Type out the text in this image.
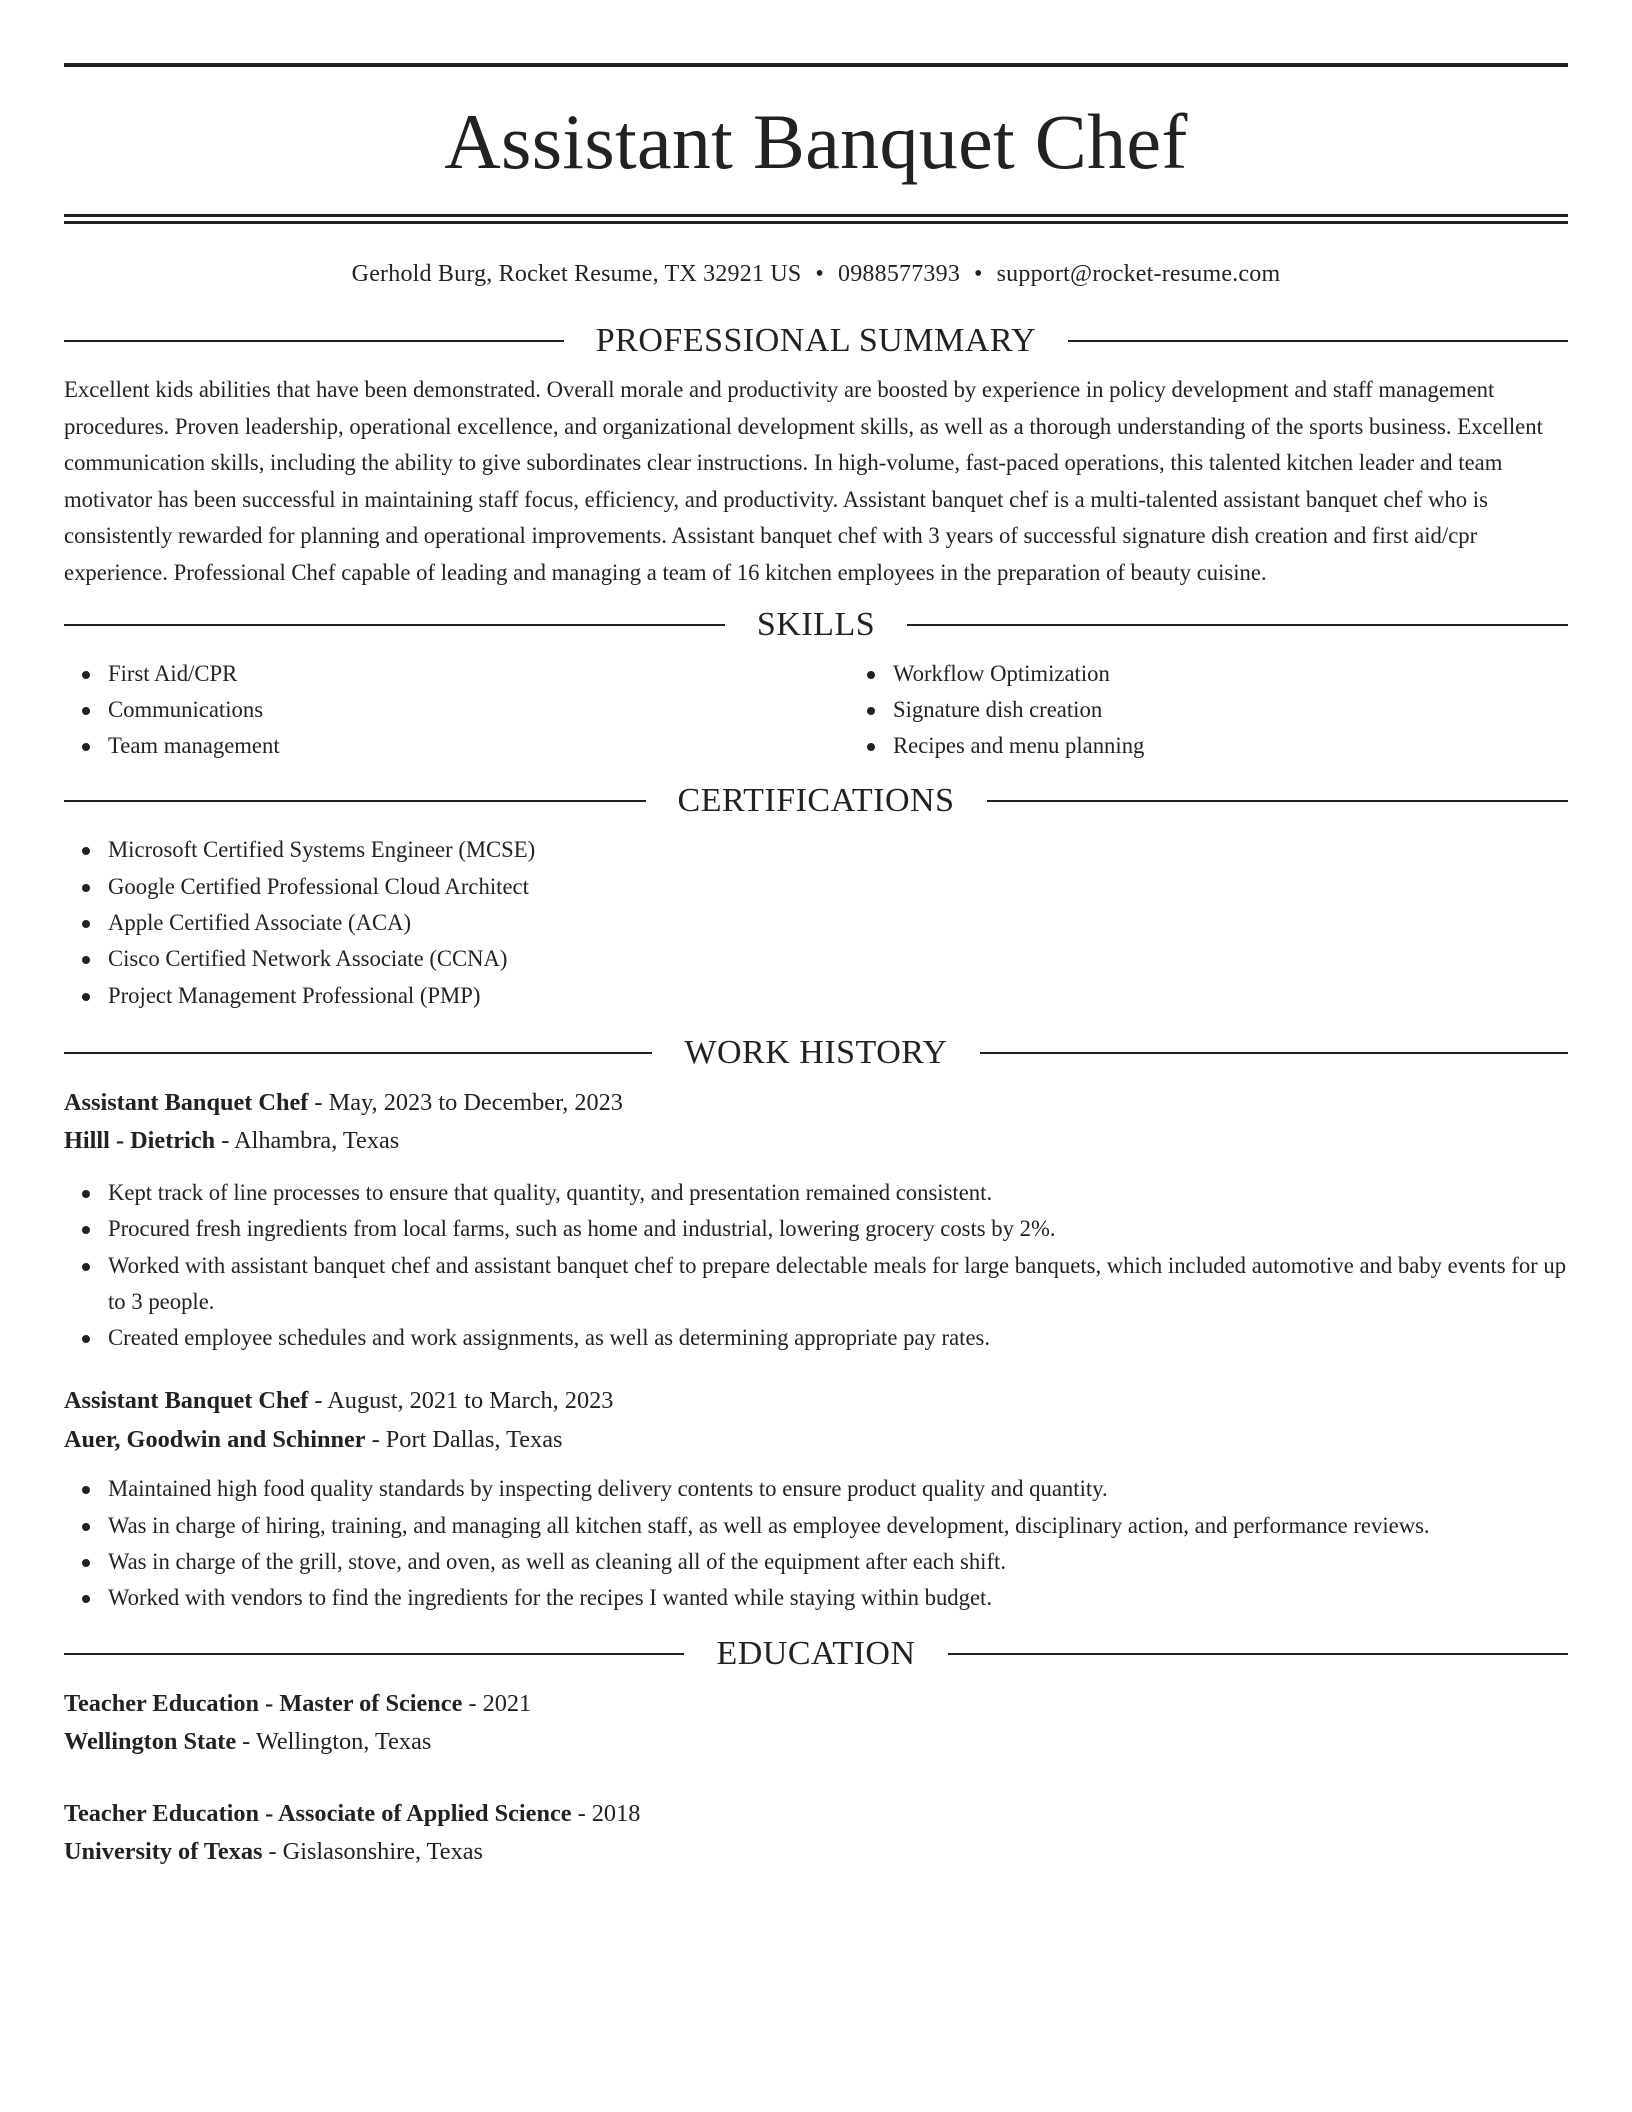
Assistant Banquet Chef
Gerhold Burg, Rocket Resume, TX 32921 US • 0988577393 • support@rocket-resume.com
PROFESSIONAL SUMMARY

Excellent kids abilities that have been demonstrated. Overall morale and productivity are boosted by experience in policy development and staff management procedures. Proven leadership, operational excellence, and organizational development skills, as well as a thorough understanding of the sports business. Excellent communication skills, including the ability to give subordinates clear instructions. In high-volume, fast-paced operations, this talented kitchen leader and team motivator has been successful in maintaining staff focus, efficiency, and productivity. Assistant banquet chef is a multi-talented assistant banquet chef who is consistently rewarded for planning and operational improvements. Assistant banquet chef with 3 years of successful signature dish creation and first aid/cpr experience. Professional Chef capable of leading and managing a team of 16 kitchen employees in the preparation of beauty cuisine.

SKILLS
First Aid/CPR
Communications
Team management
Workflow Optimization
Signature dish creation
Recipes and menu planning
CERTIFICATIONS
Microsoft Certified Systems Engineer (MCSE)
Google Certified Professional Cloud Architect
Apple Certified Associate (ACA)
Cisco Certified Network Associate (CCNA)
Project Management Professional (PMP)
WORK HISTORY
Assistant Banquet Chef - May, 2023 to December, 2023
Hilll - Dietrich - Alhambra, Texas
Kept track of line processes to ensure that quality, quantity, and presentation remained consistent.
Procured fresh ingredients from local farms, such as home and industrial, lowering grocery costs by 2%.
Worked with assistant banquet chef and assistant banquet chef to prepare delectable meals for large banquets, which included automotive and baby events for up to 3 people.
Created employee schedules and work assignments, as well as determining appropriate pay rates.
Assistant Banquet Chef - August, 2021 to March, 2023
Auer, Goodwin and Schinner - Port Dallas, Texas
Maintained high food quality standards by inspecting delivery contents to ensure product quality and quantity.
Was in charge of hiring, training, and managing all kitchen staff, as well as employee development, disciplinary action, and performance reviews.
Was in charge of the grill, stove, and oven, as well as cleaning all of the equipment after each shift.
Worked with vendors to find the ingredients for the recipes I wanted while staying within budget.
EDUCATION
Teacher Education - Master of Science - 2021
Wellington State - Wellington, Texas
Teacher Education - Associate of Applied Science - 2018
University of Texas - Gislasonshire, Texas
